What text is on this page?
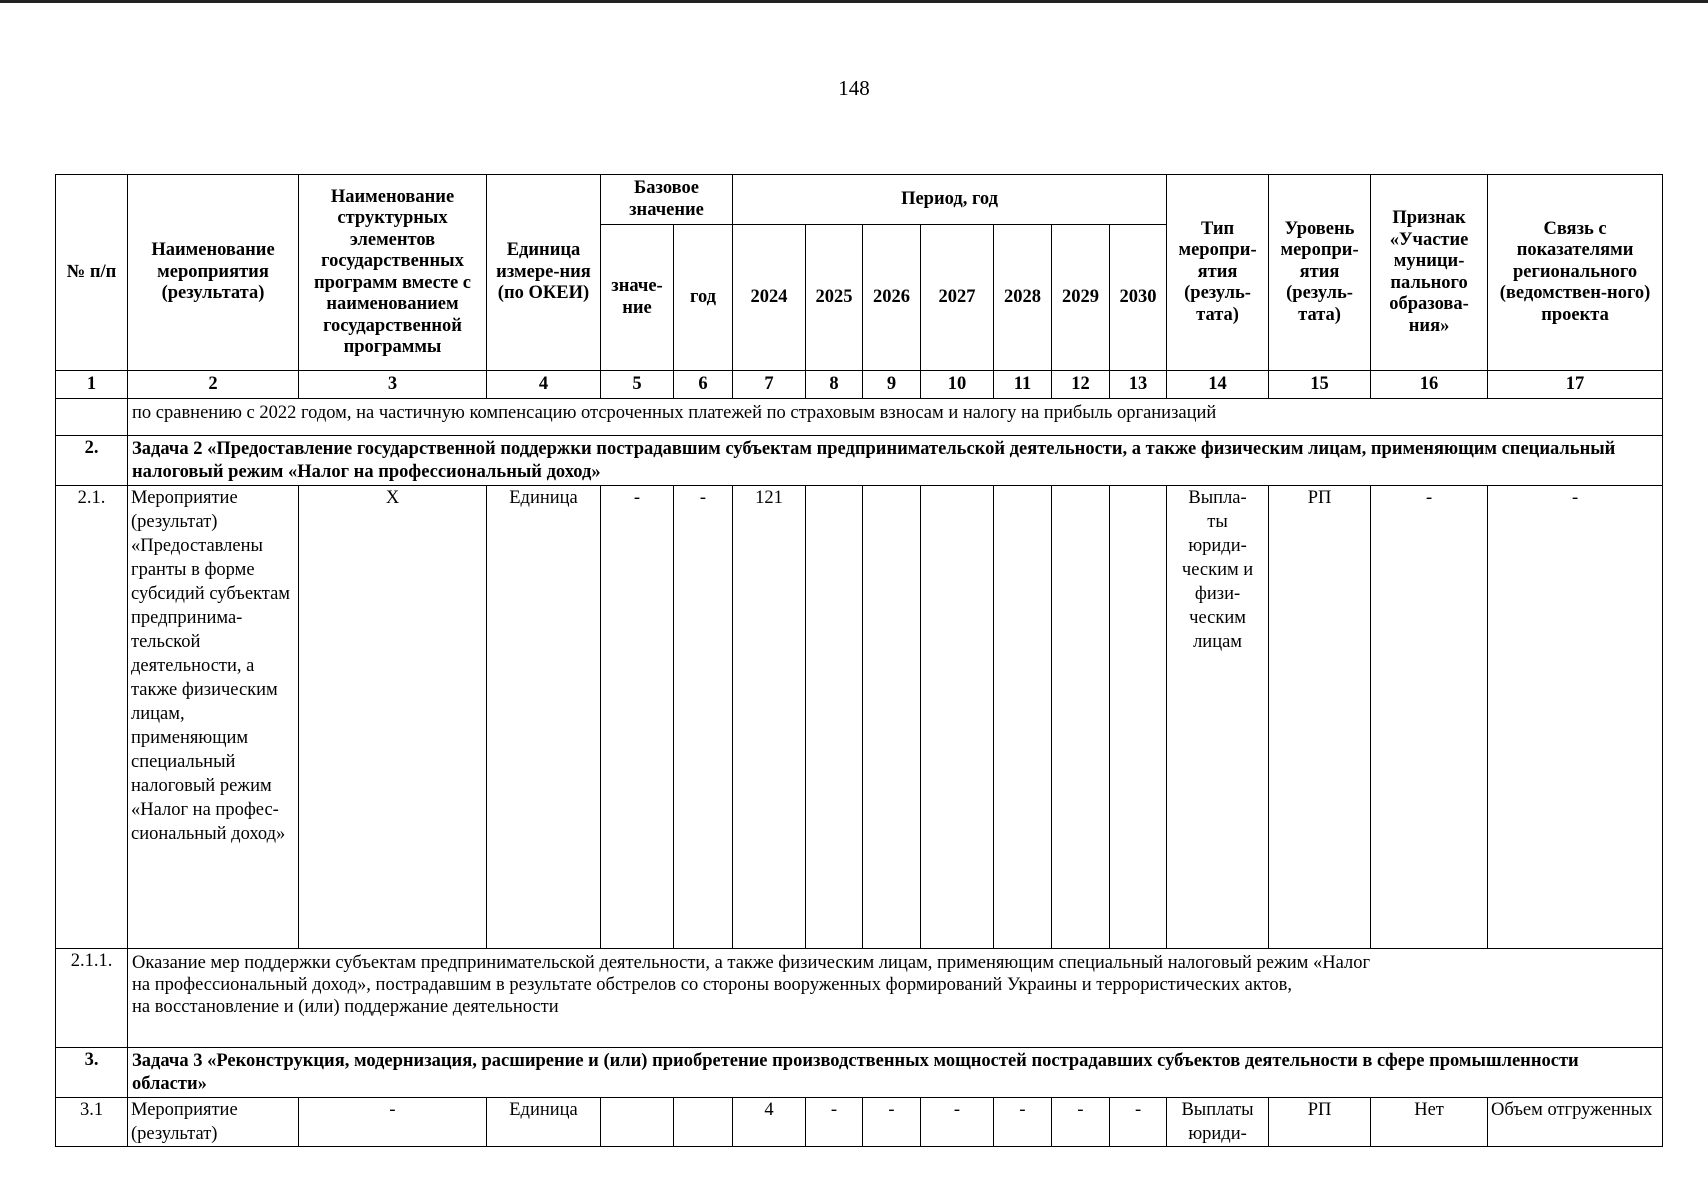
148
№ п/п	Наименование мероприятия (результата)	Наименование структурных элементов государственных программ вместе с наименованием государственной программы	Единица измере-ния (по ОКЕИ)	Базовое значение		Период, год							Тип меропри-ятия (резуль-тата)	Уровень меропри-ятия (резуль-тата)	Признак «Участие муници-пального образова-ния»	Связь с показателями регионального (ведомствен-ного) проекта
				значе-ние	год	2024	2025	2026	2027	2028	2029	2030				
1	2	3	4	5	6	7	8	9	10	11	12	13	14	15	16	17
	по сравнению с 2022 годом, на частичную компенсацию отсроченных платежей по страховым взносам и налогу на прибыль организаций															
2.	Задача 2 «Предоставление государственной поддержки пострадавшим субъектам предпринимательской деятельности, а также физическим лицам, применяющим специальный налоговый режим «Налог на профессиональный доход»															
2.1.	Мероприятие (результат) «Предоставлены гранты в форме субсидий субъектам предпринима-тельской деятельности, а также физическим лицам, применяющим специальный налоговый режим «Налог на профес-сиональный доход»	Х	Единица	-	-	121							Выпла-ты юриди-ческим и физи-ческим лицам	РП	-	-
2.1.1.	Оказание мер поддержки субъектам предпринимательской деятельности, а также физическим лицам, применяющим специальный налоговый режим «Налог
на профессиональный доход», пострадавшим в результате обстрелов со стороны вооруженных формирований Украины и террористических актов,
на восстановление и (или) поддержание деятельности															

3.	Задача 3 «Реконструкция, модернизация, расширение и (или) приобретение производственных мощностей пострадавших субъектов деятельности в сфере промышленности области»															
3.1	Мероприятие (результат)	-	Единица			4	-	-	-	-	-	-	Выплаты юриди-	РП	Нет	Объем отгруженных
